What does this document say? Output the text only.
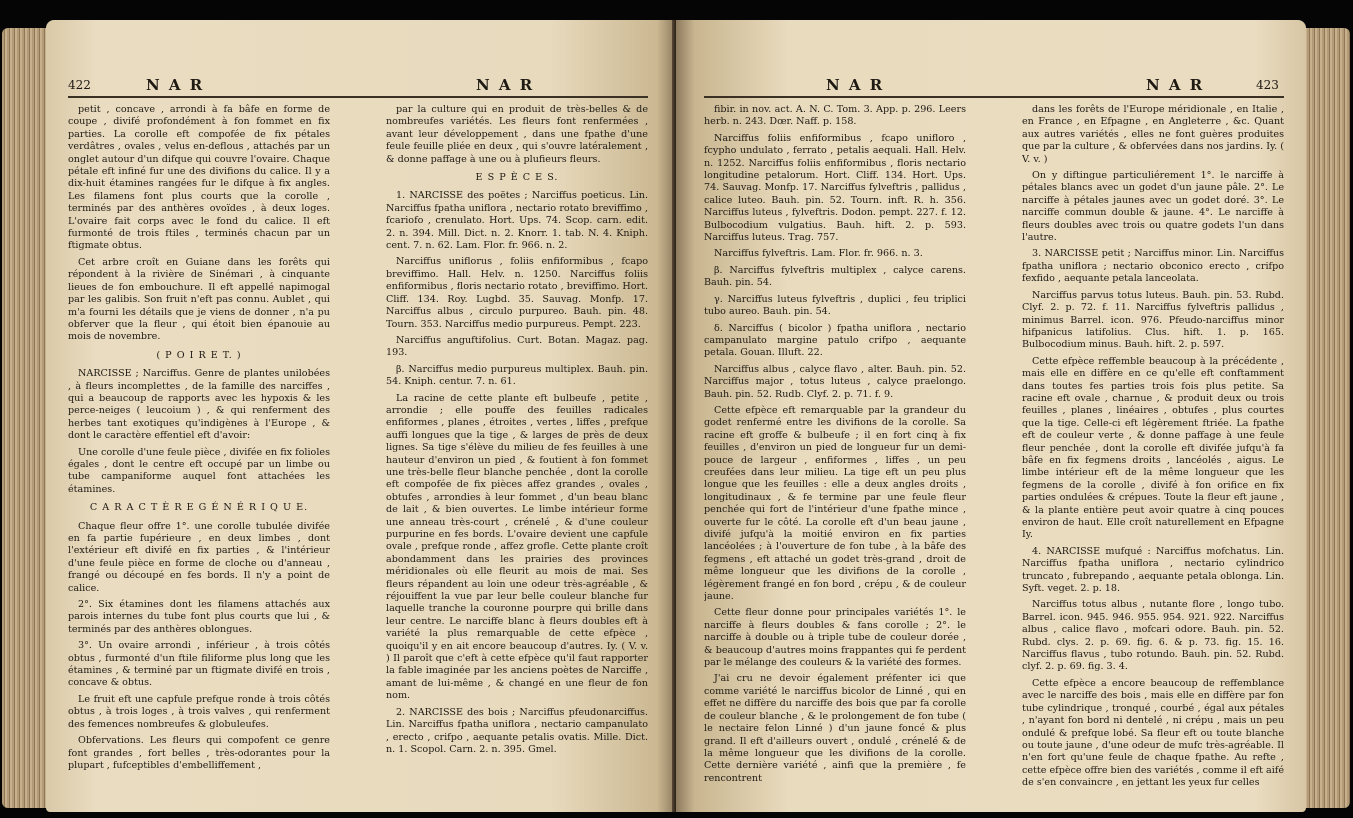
422	N A R	N A R

petit , concave , arrondi à fa bâfe en forme de coupe , divifé profondément à fon fommet en fix parties. La corolle eft compofée de fix pétales verdâtres , ovales , velus en-deflous , attachés par un onglet autour d'un difque qui couvre l'ovaire. Chaque pétale eft infiné fur une des divifions du calice. Il y a dix-huit étamines rangées fur le difque à fix angles. Les filamens font plus courts que la corolle , terminés par des anthères ovoïdes , à deux loges. L'ovaire fait corps avec le fond du calice. Il eft furmonté de trois ftiles , terminés chacun par un ftigmate obtus.

Cet arbre croît en Guiane dans les forêts qui répondent à la rivière de Sinémari , à cinquante lieues de fon embouchure. Il eft appellé napimogal par les galibis. Son fruit n'eft pas connu. Aublet , qui m'a fourni les détails que je viens de donner , n'a pu obferver que la fleur , qui étoit bien épanouie au mois de novembre.

( P O I R E T. )

NARCISSE ; Narciffus. Genre de plantes unilobées , à fleurs incomplettes , de la famille des narciffes , qui a beaucoup de rapports avec les hypoxis & les perce-neiges ( leucoium ) , & qui renferment des herbes tant exotiques qu'indigènes à l'Europe , & dont le caractère effentiel eft d'avoir:

Une corolle d'une feule pièce , divifée en fix folioles égales , dont le centre eft occupé par un limbe ou tube campaniforme auquel font attachées les étamines.

C A R A C T È R E G É N É R I Q U E.

Chaque fleur offre 1°. une corolle tubulée divifée en fa partie fupérieure , en deux limbes , dont l'extérieur eft divifé en fix parties , & l'intérieur d'une feule pièce en forme de cloche ou d'anneau , frangé ou découpé en fes bords. Il n'y a point de calice.

2°. Six étamines dont les filamens attachés aux parois internes du tube font plus courts que lui , & terminés par des anthères oblongues.

3°. Un ovaire arrondi , inférieur , à trois côtés obtus , furmonté d'un ftile filiforme plus long que les étamines , & terminé par un ftigmate divifé en trois , concave & obtus.

Le fruit eft une capfule prefque ronde à trois côtés obtus , à trois loges , à trois valves , qui renferment des femences nombreufes & globuleufes.

Obfervations. Les fleurs qui compofent ce genre font grandes , fort belles , très-odorantes pour la plupart , fufceptibles d'embelliffement ,

par la culture qui en produit de très-belles & de nombreufes variétés. Les fleurs font renfermées , avant leur développement , dans une fpathe d'une feule feuille pliée en deux , qui s'ouvre latéralement , & donne paffage à une ou à plufieurs fleurs.

E S P È C E S.

1. NARCISSE des poëtes ; Narciffus poeticus. Lin. Narciffus fpatha uniflora , nectario rotato breviffimo , fcariofo , crenulato. Hort. Ups. 74. Scop. carn. edit. 2. n. 394. Mill. Dict. n. 2. Knorr. 1. tab. N. 4. Kniph. cent. 7. n. 62. Lam. Flor. fr. 966. n. 2.

Narciffus uniflorus , foliis enfiformibus , fcapo breviffimo. Hall. Helv. n. 1250. Narciffus foliis enfiformibus , floris nectario rotato , breviffimo. Hort. Cliff. 134. Roy. Lugbd. 35. Sauvag. Monfp. 17. Narciffus albus , circulo purpureo. Bauh. pin. 48. Tourn. 353. Narciffus medio purpureus. Pempt. 223.

Narciffus anguftifolius. Curt. Botan. Magaz. pag. 193.

β. Narciffus medio purpureus multiplex. Bauh. pin. 54. Kniph. centur. 7. n. 61.

La racine de cette plante eft bulbeufe , petite , arrondie ; elle pouffe des feuilles radicales enfiformes , planes , étroites , vertes , liffes , prefque auffi longues que la tige , & larges de près de deux lignes. Sa tige s'élève du milieu de fes feuilles à une hauteur d'environ un pied , & foutient à fon fommet une très-belle fleur blanche penchée , dont la corolle eft compofée de fix pièces affez grandes , ovales , obtufes , arrondies à leur fommet , d'un beau blanc de lait , & bien ouvertes. Le limbe intérieur forme une anneau très-court , crénelé , & d'une couleur purpurine en fes bords. L'ovaire devient une capfule ovale , prefque ronde , affez grofle. Cette plante croît abondamment dans les prairies des provinces méridionales où elle fleurit au mois de mai. Ses fleurs répandent au loin une odeur très-agréable , & réjouiffent la vue par leur belle couleur blanche fur laquelle tranche la couronne pourpre qui brille dans leur centre. Le narciffe blanc à fleurs doubles eft à variété la plus remarquable de cette efpèce , quoiqu'il y en ait encore beaucoup d'autres. Iy. ( V. v. ) Il paroît que c'eft à cette efpèce qu'il faut rapporter la fable imaginée par les anciens poètes de Narciffe , amant de lui-même , & changé en une fleur de fon nom.

2. NARCISSE des bois ; Narciffus pfeudonarciffus. Lin. Narciffus fpatha uniflora , nectario campanulato , erecto , crifpo , aequante petalis ovatis. Mille. Dict. n. 1. Scopol. Carn. 2. n. 395. Gmel.

N A R	N A R	423

fibir. in nov. act. A. N. C. Tom. 3. App. p. 296. Leers herb. n. 243. Dœr. Naff. p. 158.

Narciffus foliis enfiformibus , fcapo unifloro , fcypho undulato , ferrato , petalis aequali. Hall. Helv. n. 1252. Narciffus foliis enfiformibus , floris nectario longitudine petalorum. Hort. Cliff. 134. Hort. Ups. 74. Sauvag. Monfp. 17. Narciffus fylveftris , pallidus , calice luteo. Bauh. pin. 52. Tourn. inft. R. h. 356. Narciffus luteus , fylveftris. Dodon. pempt. 227. f. 12. Bulbocodium vulgatius. Bauh. hift. 2. p. 593. Narciffus luteus. Trag. 757.

Narciffus fylveftris. Lam. Flor. fr. 966. n. 3.

β. Narciffus fylveftris multiplex , calyce carens. Bauh. pin. 54.

γ. Narciffus luteus fylveftris , duplici , feu triplici tubo aureo. Bauh. pin. 54.

δ. Narciffus ( bicolor ) fpatha uniflora , nectario campanulato margine patulo crifpo , aequante petala. Gouan. Illuft. 22.

Narciffus albus , calyce flavo , alter. Bauh. pin. 52. Narciffus major , totus luteus , calyce praelongo. Bauh. pin. 52. Rudb. Clyf. 2. p. 71. f. 9.

Cette efpèce eft remarquable par la grandeur du godet renfermé entre les divifions de la corolle. Sa racine eft groffe & bulbeufe ; il en fort cinq à fix feuilles , d'environ un pied de longueur fur un demi-pouce de largeur , enfiformes , liffes , un peu creufées dans leur milieu. La tige eft un peu plus longue que les feuilles : elle a deux angles droits , longitudinaux , & fe termine par une feule fleur penchée qui fort de l'intérieur d'une fpathe mince , ouverte fur le côté. La corolle eft d'un beau jaune , divifé jufqu'à la moitié environ en fix parties lancéolées ; à l'ouverture de fon tube , à la bâfe des fegmens , eft attaché un godet très-grand , droit de même longueur que les divifions de la corolle , légèrement frangé en fon bord , crépu , & de couleur jaune.

Cette fleur donne pour principales variétés 1°. le narciffe à fleurs doubles & fans corolle ; 2°. le narciffe à double ou à triple tube de couleur dorée , & beaucoup d'autres moins frappantes qui fe perdent par le mélange des couleurs & la variété des formes.

J'ai cru ne devoir également préfenter ici que comme variété le narciffus bicolor de Linné , qui en effet ne diffère du narciffe des bois que par fa corolle de couleur blanche , & le prolongement de fon tube ( le nectaire felon Linné ) d'un jaune foncé & plus grand. Il eft d'ailleurs ouvert , ondulé , crénelé & de la même longueur que les divifions de la corolle. Cette dernière variété , ainfi que la première , fe rencontrent

dans les forêts de l'Europe méridionale , en Italie , en France , en Efpagne , en Angleterre , &c. Quant aux autres variétés , elles ne font guères produites que par la culture , & obfervées dans nos jardins. Iy. ( V. v. )

On y diftingue particuliérement 1°. le narciffe à pétales blancs avec un godet d'un jaune pâle. 2°. Le narciffe à pétales jaunes avec un godet doré. 3°. Le narciffe commun double & jaune. 4°. Le narciffe à fleurs doubles avec trois ou quatre godets l'un dans l'autre.

3. NARCISSE petit ; Narciffus minor. Lin. Narciffus fpatha uniflora ; nectario obconico erecto , crifpo fexfido , aequante petala lanceolata.

Narciffus parvus totus luteus. Bauh. pin. 53. Rubd. Clyf. 2. p. 72. f. 11. Narciffus fylveftris pallidus , minimus Barrel. icon. 976. Pfeudo-narciffus minor hifpanicus latifolius. Clus. hift. 1. p. 165. Bulbocodium minus. Bauh. hift. 2. p. 597.

Cette efpèce reffemble beaucoup à la précédente , mais elle en diffère en ce qu'elle eft conftamment dans toutes fes parties trois fois plus petite. Sa racine eft ovale , charnue , & produit deux ou trois feuilles , planes , linéaires , obtufes , plus courtes que la tige. Celle-ci eft légèrement ftriée. La fpathe eft de couleur verte , & donne paffage à une feule fleur penchée , dont la corolle eft divifée jufqu'à fa bâfe en fix fegmens droits , lancéolés , aigus. Le limbe intérieur eft de la même longueur que les fegmens de la corolle , divifé à fon orifice en fix parties ondulées & crépues. Toute la fleur eft jaune , & la plante entière peut avoir quatre à cinq pouces environ de haut. Elle croît naturellement en Efpagne Iy.

4. NARCISSE mufqué : Narciffus mofchatus. Lin. Narciffus fpatha uniflora , nectario cylindrico truncato , fubrepando , aequante petala oblonga. Lin. Syft. veget. 2. p. 18.

Narciffus totus albus , nutante flore , longo tubo. Barrel. icon. 945. 946. 955. 954. 921. 922. Narciffus albus , calice flavo , mofcari odore. Bauh. pin. 52. Rubd. clys. 2. p. 69. fig. 6. & p. 73. fig. 15. 16. Narciffus flavus , tubo rotundo. Bauh. pin. 52. Rubd. clyf. 2. p. 69. fig. 3. 4.

Cette efpèce a encore beaucoup de reffemblance avec le narciffe des bois , mais elle en diffère par fon tube cylindrique , tronqué , courbé , égal aux pétales , n'ayant fon bord ni dentelé , ni crépu , mais un peu ondulé & prefque lobé. Sa fleur eft ou toute blanche ou toute jaune , d'une odeur de mufc très-agréable. Il n'en fort qu'une feule de chaque fpathe. Au refte , cette efpèce offre bien des variétés , comme il eft aifé de s'en convaincre , en jettant les yeux fur celles
